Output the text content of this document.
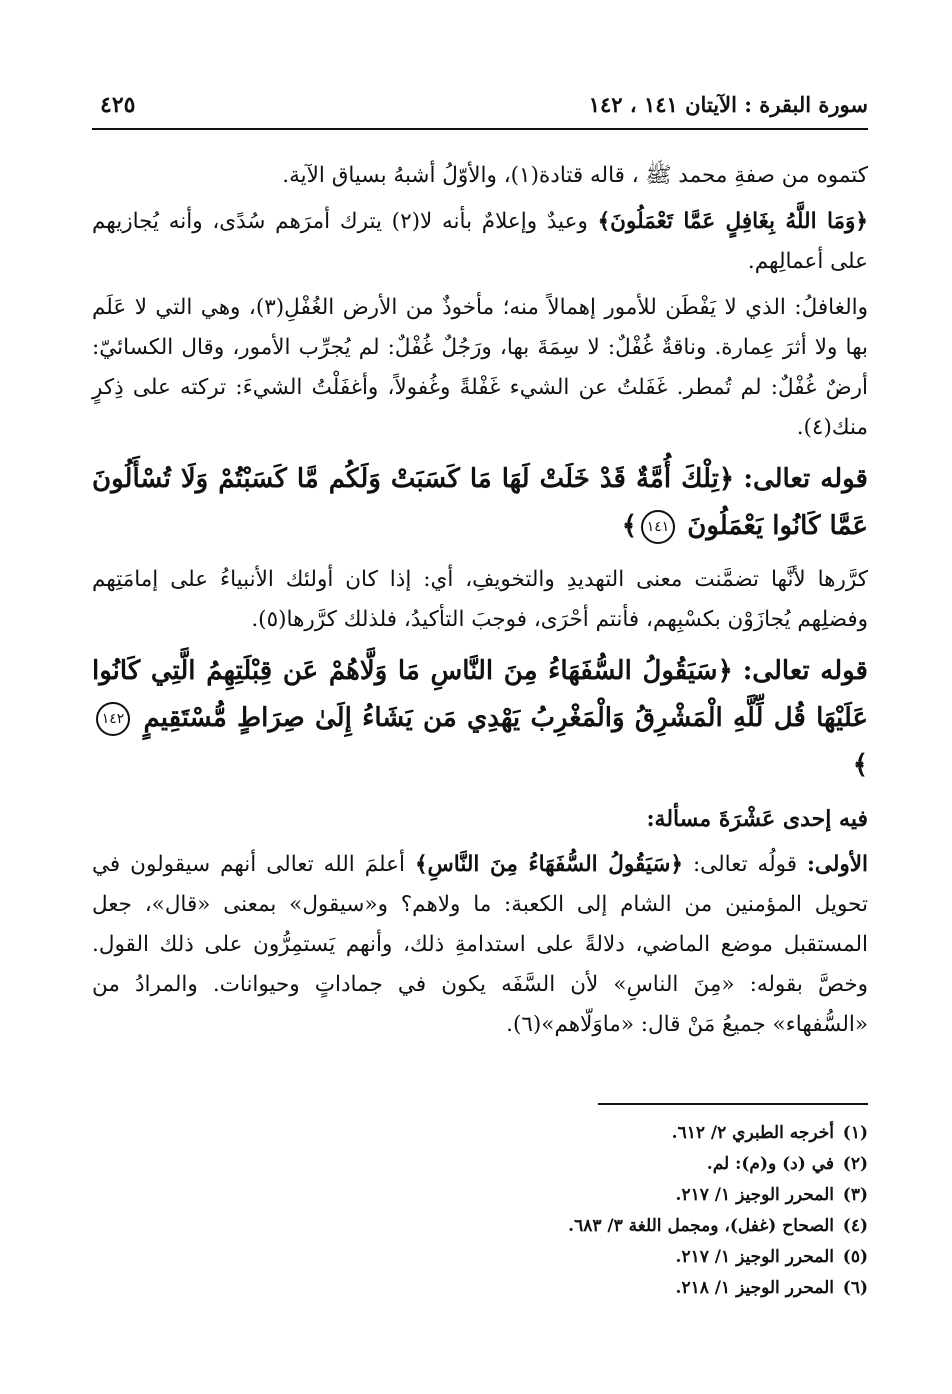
سورة البقرة : الآيتان ١٤١ ، ١٤٢
٤٢٥

كتموه من صفةِ محمد ﷺ ، قاله قتادة(١)، والأوّلُ أشبهُ بسياق الآية.

﴿وَمَا اللَّهُ بِغَافِلٍ عَمَّا تَعْمَلُونَ﴾ وعيدٌ وإعلامٌ بأنه لا(٢) يترك أمرَهم سُدًى، وأنه يُجازيهم على أعمالِهم.

والغافلُ: الذي لا يَفْطَن للأمور إهمالاً منه؛ مأخوذٌ من الأرض الغُفْلِ(٣)، وهي التي لا عَلَم بها ولا أثرَ عِمارة. وناقةٌ غُفْلٌ: لا سِمَةَ بها، ورَجُلٌ غُفْلٌ: لم يُجرِّب الأمور، وقال الكسائيّ: أرضٌ غُفْلٌ: لم تُمطر. غَفَلتُ عن الشيء غَفْلةً وغُفولاً، وأغفَلْتُ الشيءَ: تركته على ذِكرٍ منك(٤).

قوله تعالى: ﴿تِلْكَ أُمَّةٌ قَدْ خَلَتْ لَهَا مَا كَسَبَتْ وَلَكُم مَّا كَسَبْتُمْ وَلَا تُسْأَلُونَ عَمَّا كَانُوا يَعْمَلُونَ ١٤١﴾

كرَّرها لأنَّها تضمَّنت معنى التهديدِ والتخويفِ، أي: إذا كان أولئك الأنبياءُ على إمامَتِهم وفضلِهم يُجازَوْن بكسْبِهم، فأنتم أحْرَى، فوجبَ التأكيدُ، فلذلك كرَّرها(٥).

قوله تعالى: ﴿سَيَقُولُ السُّفَهَاءُ مِنَ النَّاسِ مَا وَلَّاهُمْ عَن قِبْلَتِهِمُ الَّتِي كَانُوا عَلَيْهَا قُل لِّلَّهِ الْمَشْرِقُ وَالْمَغْرِبُ يَهْدِي مَن يَشَاءُ إِلَىٰ صِرَاطٍ مُّسْتَقِيمٍ ١٤٢﴾
فيه إحدى عَشْرَةَ مسألة:

الأولى: قولُه تعالى: ﴿سَيَقُولُ السُّفَهَاءُ مِنَ النَّاسِ﴾ أعلمَ الله تعالى أنهم سيقولون في تحويل المؤمنين من الشام إلى الكعبة: ما ولاهم؟ و«سيقول» بمعنى «قال»، جعل المستقبل موضع الماضي، دلالةً على استدامةِ ذلك، وأنهم يَستمِرُّون على ذلك القول. وخصَّ بقوله: «مِنَ الناسِ» لأن السَّفَه يكون في جماداتٍ وحيوانات. والمرادُ من «السُّفهاء» جميعُ مَنْ قال: «ماوَلّاهم»(٦).

(١)أخرجه الطبري ٢/ ٦١٢.
(٢)في (د) و(م): لم.
(٣)المحرر الوجيز ١/ ٢١٧.
(٤)الصحاح (غفل)، ومجمل اللغة ٣/ ٦٨٣.
(٥)المحرر الوجيز ١/ ٢١٧.
(٦)المحرر الوجيز ١/ ٢١٨.
